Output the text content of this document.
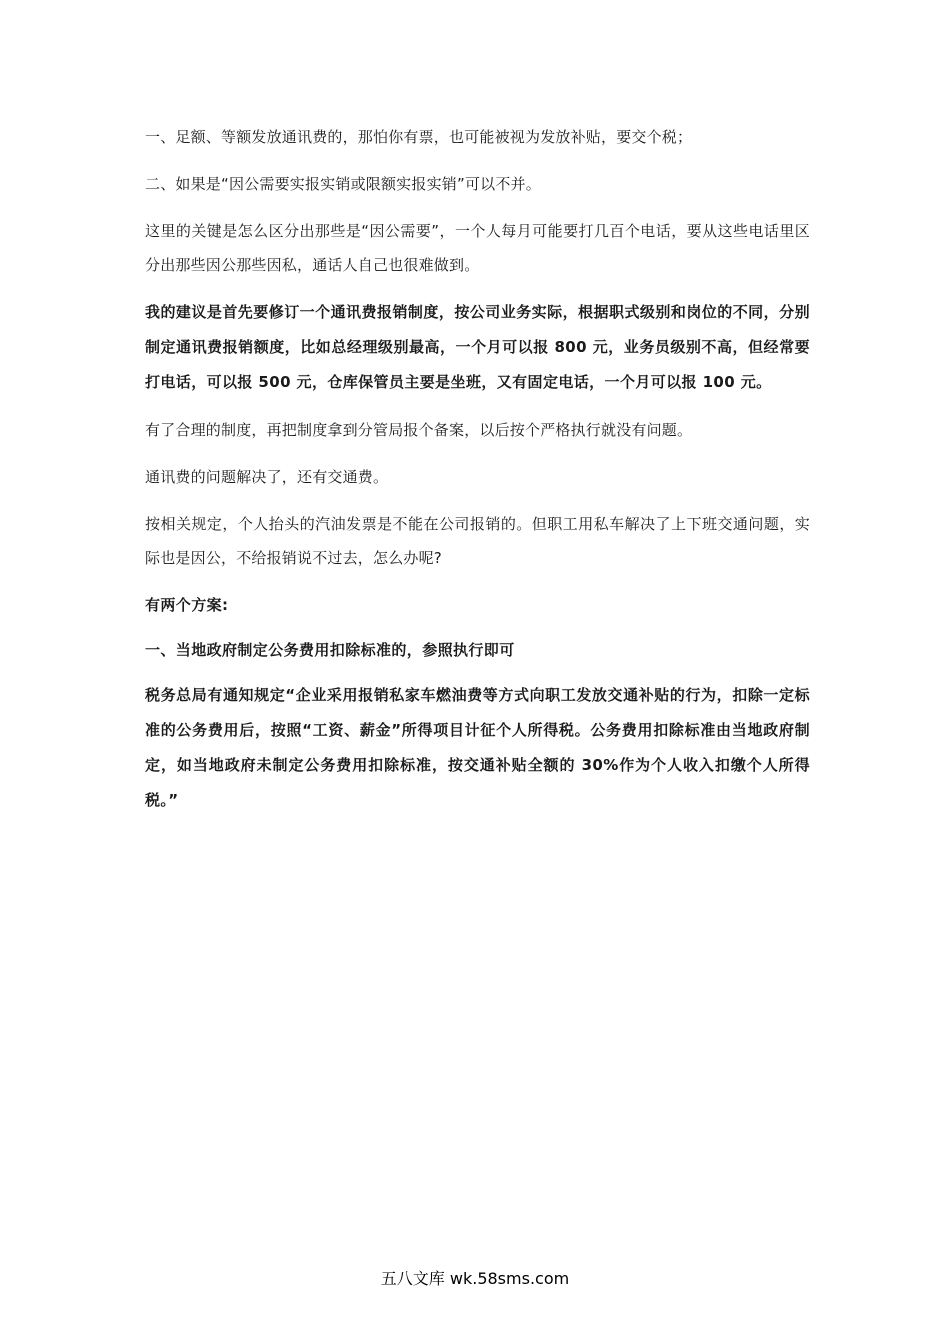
一、足额、等额发放通讯费的，那怕你有票，也可能被视为发放补贴，要交个税；

二、如果是“因公需要实报实销或限额实报实销”可以不并。

这里的关键是怎么区分出那些是“因公需要”，一个人每月可能要打几百个电话，要从这些电话里区分出那些因公那些因私，通话人自己也很难做到。

我的建议是首先要修订一个通讯费报销制度，按公司业务实际，根据职式级别和岗位的不同，分别制定通讯费报销额度，比如总经理级别最高，一个月可以报 800 元，业务员级别不高，但经常要打电话，可以报 500 元，仓库保管员主要是坐班，又有固定电话，一个月可以报 100 元。

有了合理的制度，再把制度拿到分管局报个备案，以后按个严格执行就没有问题。

通讯费的问题解决了，还有交通费。

按相关规定，个人抬头的汽油发票是不能在公司报销的。但职工用私车解决了上下班交通问题，实际也是因公，不给报销说不过去，怎么办呢?

有两个方案:

一、当地政府制定公务费用扣除标准的，参照执行即可

税务总局有通知规定“企业采用报销私家车燃油费等方式向职工发放交通补贴的行为，扣除一定标准的公务费用后，按照“工资、薪金”所得项目计征个人所得税。公务费用扣除标准由当地政府制定，如当地政府未制定公务费用扣除标准，按交通补贴全额的 30%作为个人收入扣缴个人所得税。”

五八文库 wk.58sms.com
